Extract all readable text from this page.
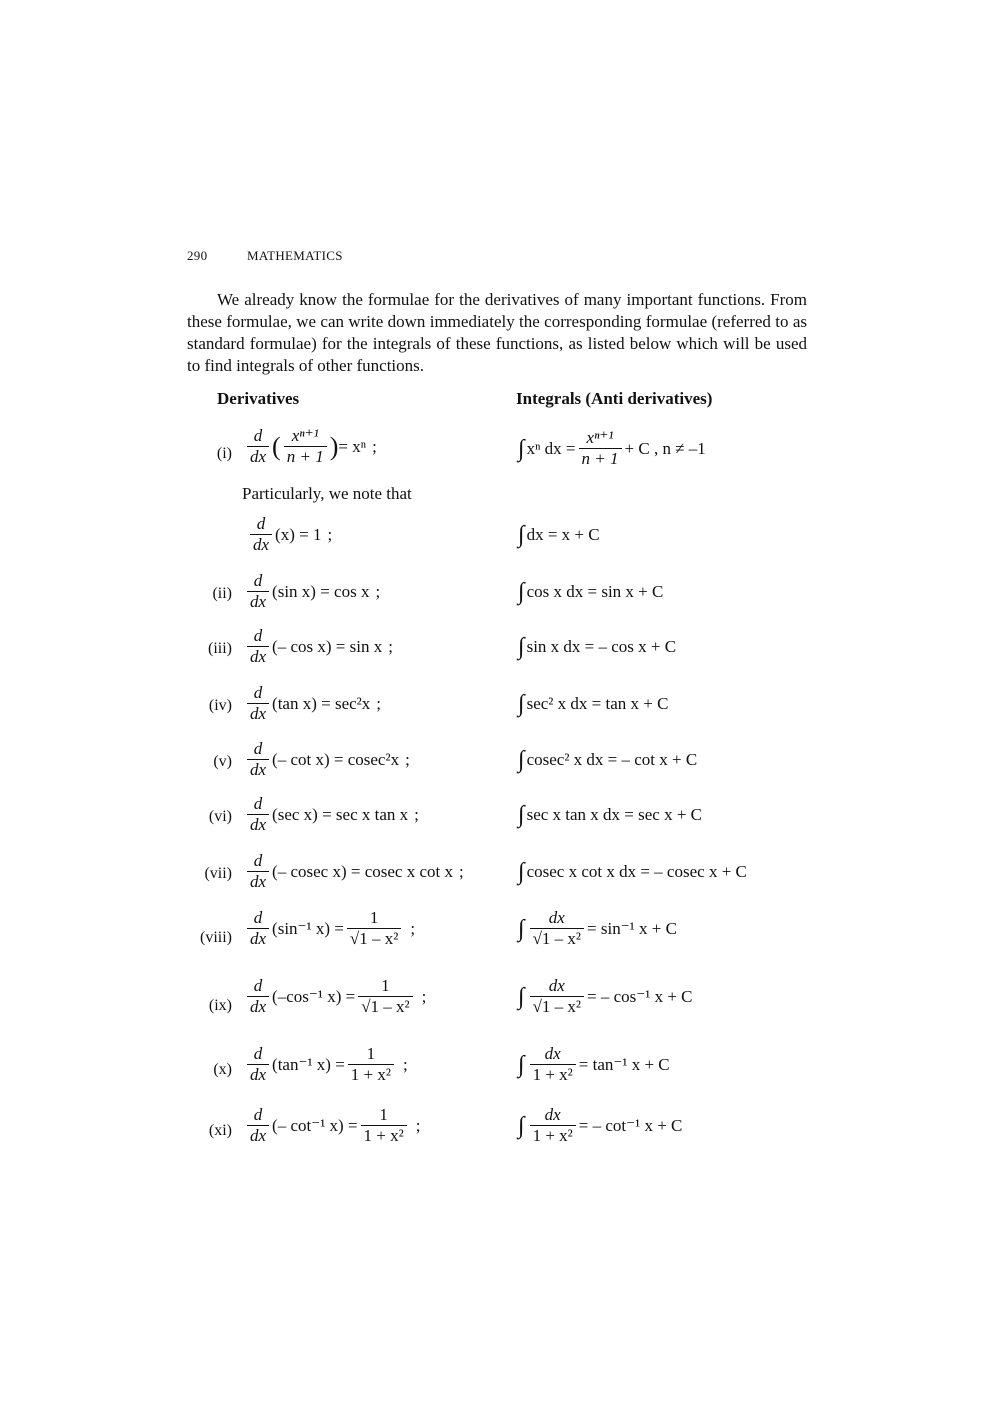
290	MATHEMATICS

We already know the formulae for the derivatives of many important functions. From these formulae, we can write down immediately the corresponding formulae (referred to as standard formulae) for the integrals of these functions, as listed below which will be used to find integrals of other functions.

Derivatives	Integrals (Anti derivatives)
$(i) \frac{d}{dx}$ ( $\frac{\text{xⁿ⁺¹}}{n + 1}$ ) = xⁿ ;	∫ xⁿ dx = $\frac{\text{xⁿ⁺¹}}{n + 1} + C$ , n ≠ –1
Particularly, we note that
$\frac{d}{dx} (x) = 1$ ;	∫ dx = x + C
$(ii) \frac{d}{dx} (\sin$ x) = cos x ;	∫ cos x dx = sin x + C
$(iii) \frac{d}{dx}$ (– cos x) = sin x ;	∫ sin x dx = – cos x + C
$(iv) \frac{d}{dx} (\tan$ x) = sec²x ;	∫ sec² x dx = tan x + C
$(v) \frac{d}{dx}$ (– cot x) = cosec²x ;	∫ cosec² x dx = – cot x + C
$(vi) \frac{d}{dx} (\sec$ x) = sec x tan x ;	∫ sec x tan x dx = sec x + C
$(vii) \frac{d}{dx}$ (– cosec x) = cosec x cot x ; ∫ cosec x cot x dx = – cosec x + C
(viii) $\frac{d}{dx} (\sin^{-1}$ $x) = \frac{1}{\text{√1 – x²}}$ ;	∫ $\frac{dx}{\text{√1 – x²}} = \sin^{-1}$ x + C
$(ix) \frac{d}{dx} (-\cos^{-1}$ $x) = \frac{1}{\text{√1 – x²}}$ ;	∫ $\frac{dx}{\text{√1 – x²}}$ = – cos⁻¹ x + C
$(x) \frac{d}{dx} (\tan^{-1}$ $x) = \frac{1}{\text{1 + x²}}$ ;	∫ $\frac{dx}{\text{1 + x²}} = \tan^{-1}$ x + C
$(xi) \frac{d}{dx}$ (– cot⁻¹ $x) = \frac{1}{\text{1 + x²}}$ ;	∫ $\frac{dx}{\text{1 + x²}}$ = – cot⁻¹ x + C
